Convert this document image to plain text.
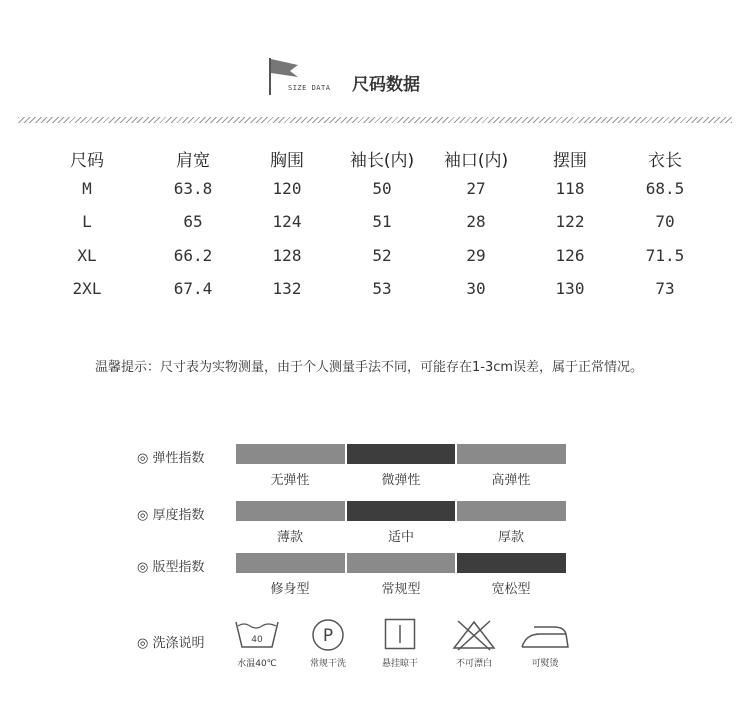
SIZE DATA 尺码数据
尺码	肩宽	胸围	袖长(内)	袖口(内)	摆围	衣长
M	63.8	120	50	27	118	68.5
L	65	124	51	28	122	70
XL	66.2	128	52	29	126	71.5
2XL	67.4	132	53	30	130	73
温馨提示：尺寸表为实物测量，由于个人测量手法不同，可能存在1-3cm误差，属于正常情况。
◎ 弹性指数
无弹性	微弹性	高弹性
◎ 厚度指数
薄款	适中	厚款
◎ 版型指数
修身型	常规型	宽松型
◎ 洗涤说明	40
水温40℃
P
常规干洗	悬挂晾干	不可漂白	可熨烫
